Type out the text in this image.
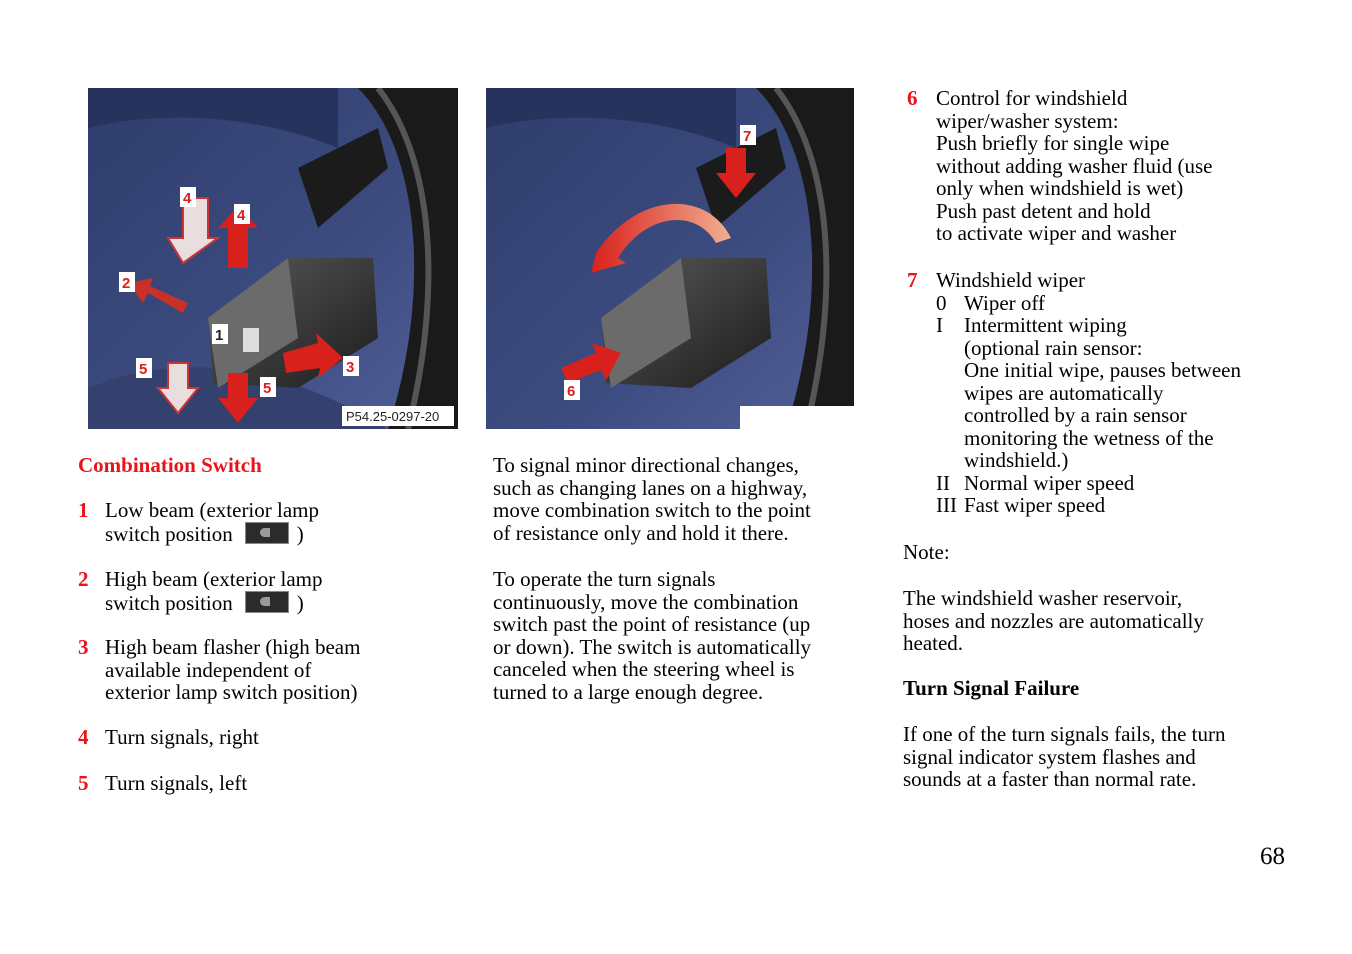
4
4
2
1
3
5
5
P54.25-0297-20
7
6
Combination Switch
1 Low beam (exterior lamp
switch position	)
2 High beam (exterior lamp
switch position	)
3 High beam flasher (high beam
available independent of
exterior lamp switch position)
4 Turn signals, right
5 Turn signals, left

To signal minor directional changes,

such as changing lanes on a highway,

move combination switch to the point

of resistance only and hold it there.

To operate the turn signals

continuously, move the combination

switch past the point of resistance (up

or down). The switch is automatically

canceled when the steering wheel is

turned to a large enough degree.

6 Control for windshield
wiper/washer system:
Push briefly for single wipe
without adding washer fluid (use
only when windshield is wet)
Push past detent and hold
to activate wiper and washer
7 Windshield wiper
0 Wiper off
I Intermittent wiping
(optional rain sensor:
One initial wipe, pauses between
wipes are automatically
controlled by a rain sensor
monitoring the wetness of the
windshield.)
II Normal wiper speed
III Fast wiper speed

Note:

The windshield washer reservoir,

hoses and nozzles are automatically

heated.

Turn Signal Failure

If one of the turn signals fails, the turn

signal indicator system flashes and

sounds at a faster than normal rate.

68
